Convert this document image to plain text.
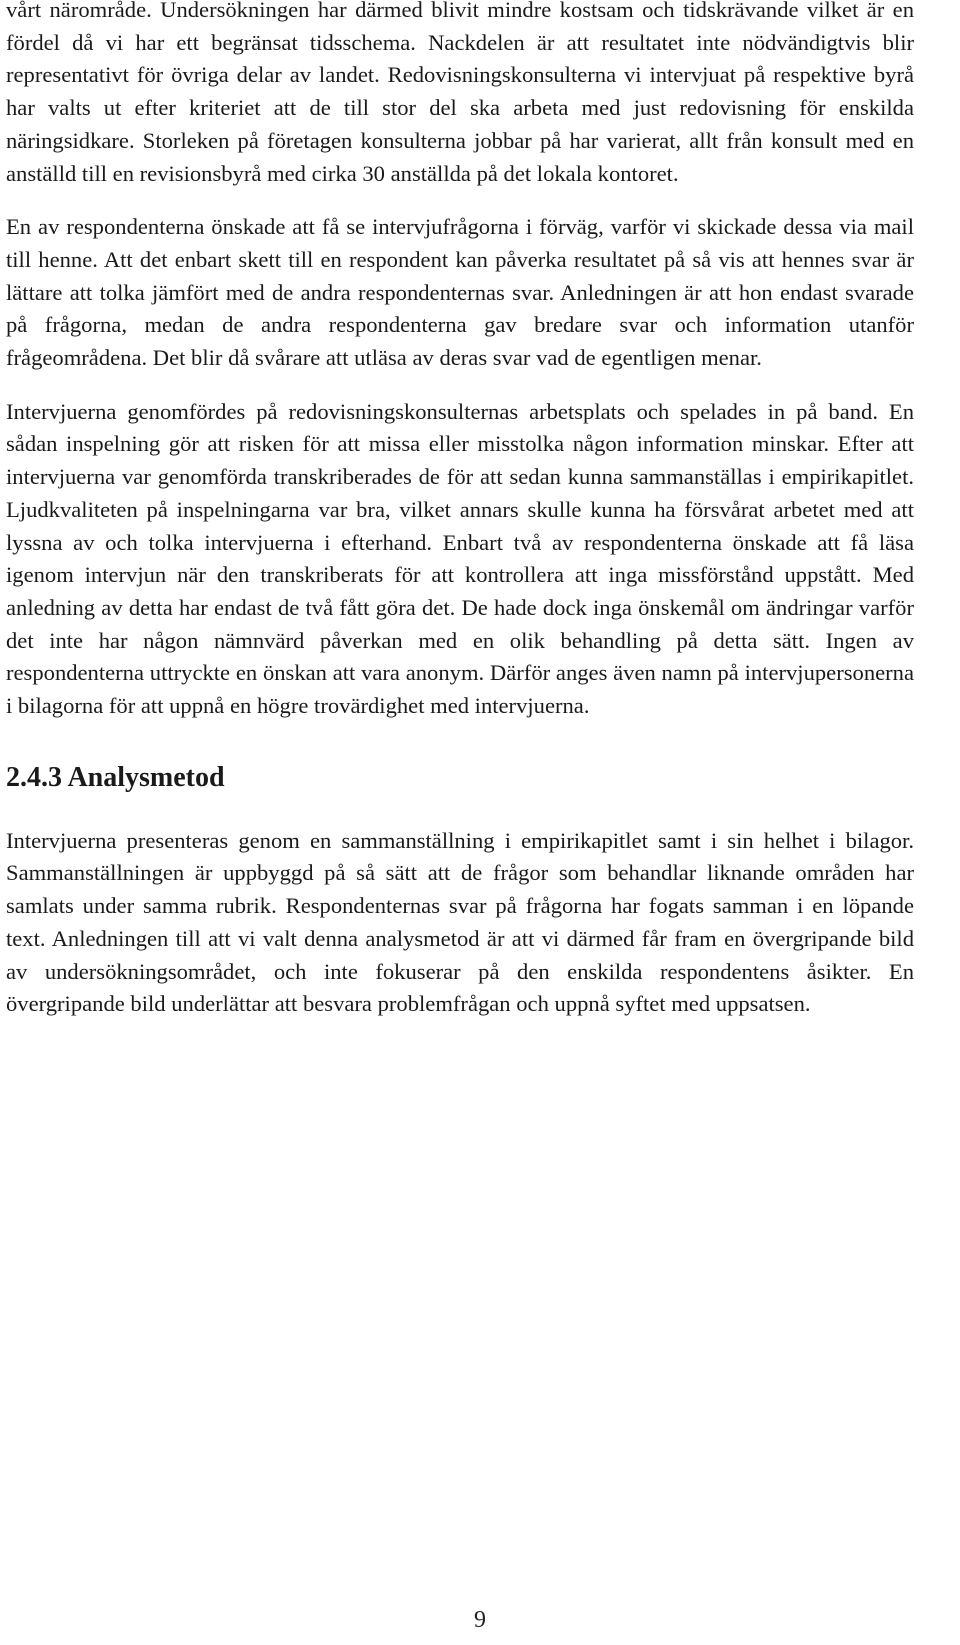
vårt närområde. Undersökningen har därmed blivit mindre kostsam och tidskrävande vilket är en fördel då vi har ett begränsat tidsschema. Nackdelen är att resultatet inte nödvändigtvis blir representativt för övriga delar av landet. Redovisningskonsulterna vi intervjuat på respektive byrå har valts ut efter kriteriet att de till stor del ska arbeta med just redovisning för enskilda näringsidkare. Storleken på företagen konsulterna jobbar på har varierat, allt från konsult med en anställd till en revisionsbyrå med cirka 30 anställda på det lokala kontoret.

En av respondenterna önskade att få se intervjufrågorna i förväg, varför vi skickade dessa via mail till henne. Att det enbart skett till en respondent kan påverka resultatet på så vis att hennes svar är lättare att tolka jämfört med de andra respondenternas svar. Anledningen är att hon endast svarade på frågorna, medan de andra respondenterna gav bredare svar och information utanför frågeområdena. Det blir då svårare att utläsa av deras svar vad de egentligen menar.

Intervjuerna genomfördes på redovisningskonsulternas arbetsplats och spelades in på band. En sådan inspelning gör att risken för att missa eller misstolka någon information minskar. Efter att intervjuerna var genomförda transkriberades de för att sedan kunna sammanställas i empirikapitlet. Ljudkvaliteten på inspelningarna var bra, vilket annars skulle kunna ha försvårat arbetet med att lyssna av och tolka intervjuerna i efterhand. Enbart två av respondenterna önskade att få läsa igenom intervjun när den transkriberats för att kontrollera att inga missförstånd uppstått. Med anledning av detta har endast de två fått göra det. De hade dock inga önskemål om ändringar varför det inte har någon nämnvärd påverkan med en olik behandling på detta sätt. Ingen av respondenterna uttryckte en önskan att vara anonym. Därför anges även namn på intervjupersonerna i bilagorna för att uppnå en högre trovärdighet med intervjuerna.

2.4.3 Analysmetod

Intervjuerna presenteras genom en sammanställning i empirikapitlet samt i sin helhet i bilagor. Sammanställningen är uppbyggd på så sätt att de frågor som behandlar liknande områden har samlats under samma rubrik. Respondenternas svar på frågorna har fogats samman i en löpande text. Anledningen till att vi valt denna analysmetod är att vi därmed får fram en övergripande bild av undersökningsområdet, och inte fokuserar på den enskilda respondentens åsikter. En övergripande bild underlättar att besvara problemfrågan och uppnå syftet med uppsatsen.

9
